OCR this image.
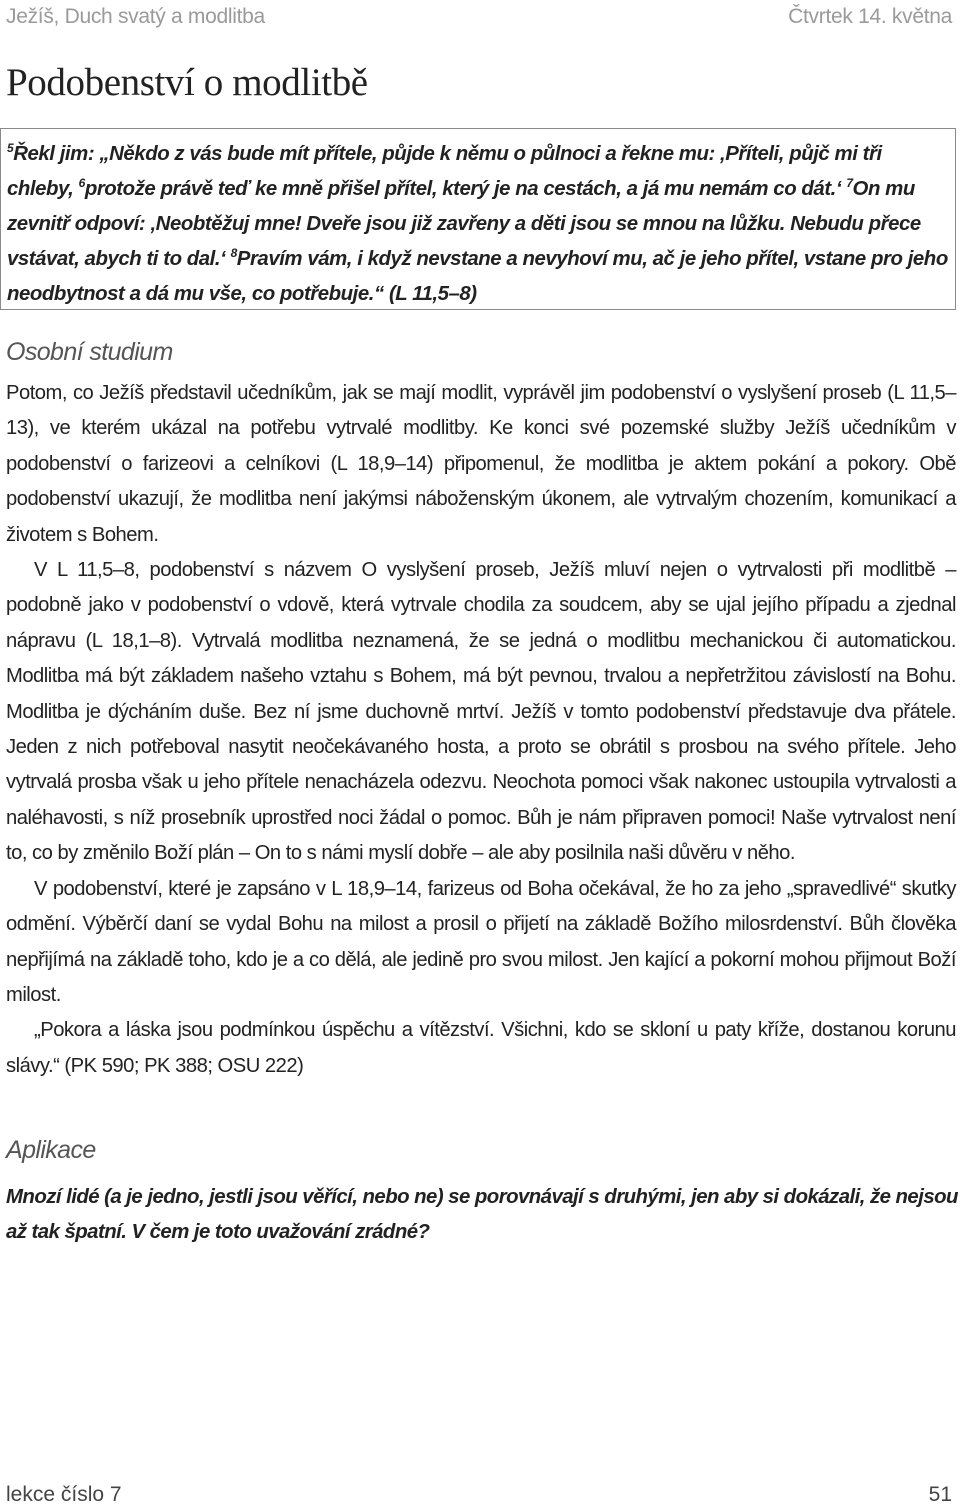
Ježíš, Duch svatý a modlitba	Čtvrtek 14. května
Podobenství o modlitbě
$^5$Řekl jim: „Někdo z vás bude mít přítele, půjde k němu o půlnoci a řekne mu: ‚Příteli, půjč mi tři chleby, $^6$protože právě teď ke mně přišel přítel, který je na cestách, a já mu nemám co dát.‘ $^7$On mu zevnitř odpoví: ‚Neobtěžuj mne! Dveře jsou již zavřeny a děti jsou se mnou na lůžku. Nebudu přece vstávat, abych ti to dal.‘ $^8$Pravím vám, i když nevstane a nevyhoví mu, ač je jeho přítel, vstane pro jeho neodbytnost a dá mu vše, co potřebuje.“ (L 11,5–8)
Osobní studium

Potom, co Ježíš představil učedníkům, jak se mají modlit, vyprávěl jim podobenství o vyslyšení proseb (L 11,5–13), ve kterém ukázal na potřebu vytrvalé modlitby. Ke konci své pozemské služby Ježíš učedníkům v podobenství o farizeovi a celníkovi (L 18,9–14) připomenul, že modlitba je aktem pokání a pokory. Obě podobenství ukazují, že modlitba není jakýmsi náboženským úkonem, ale vytrvalým chozením, komunikací a životem s Bohem.

V L 11,5–8, podobenství s názvem O vyslyšení proseb, Ježíš mluví nejen o vytrvalosti při modlitbě – podobně jako v podobenství o vdově, která vytrvale chodila za soudcem, aby se ujal jejího případu a zjednal nápravu (L 18,1–8). Vytrvalá modlitba neznamená, že se jedná o modlitbu mechanickou či automatickou. Modlitba má být základem našeho vztahu s Bohem, má být pevnou, trvalou a nepřetržitou závislostí na Bohu. Modlitba je dýcháním duše. Bez ní jsme duchovně mrtví. Ježíš v tomto podobenství představuje dva přátele. Jeden z nich potřeboval nasytit neočekávaného hosta, a proto se obrátil s prosbou na svého přítele. Jeho vytrvalá prosba však u jeho přítele nenacházela odezvu. Neochota pomoci však nakonec ustoupila vytrvalosti a naléhavosti, s níž prosebník uprostřed noci žádal o pomoc. Bůh je nám připraven pomoci! Naše vytrvalost není to, co by změnilo Boží plán – On to s námi myslí dobře – ale aby posilnila naši důvěru v něho.

V podobenství, které je zapsáno v L 18,9–14, farizeus od Boha očekával, že ho za jeho „spravedlivé“ skutky odmění. Výběrčí daní se vydal Bohu na milost a prosil o přijetí na základě Božího milosrdenství. Bůh člověka nepřijímá na základě toho, kdo je a co dělá, ale jedině pro svou milost. Jen kající a pokorní mohou přijmout Boží milost.

„Pokora a láska jsou podmínkou úspěchu a vítězství. Všichni, kdo se skloní u paty kříže, dostanou korunu slávy.“ (PK 590; PK 388; OSU 222)

Aplikace

Mnozí lidé (a je jedno, jestli jsou věřící, nebo ne) se porovnávají s druhými, jen aby si dokázali, že nejsou až tak špatní. V čem je toto uvažování zrádné?

lekce číslo 7	51
